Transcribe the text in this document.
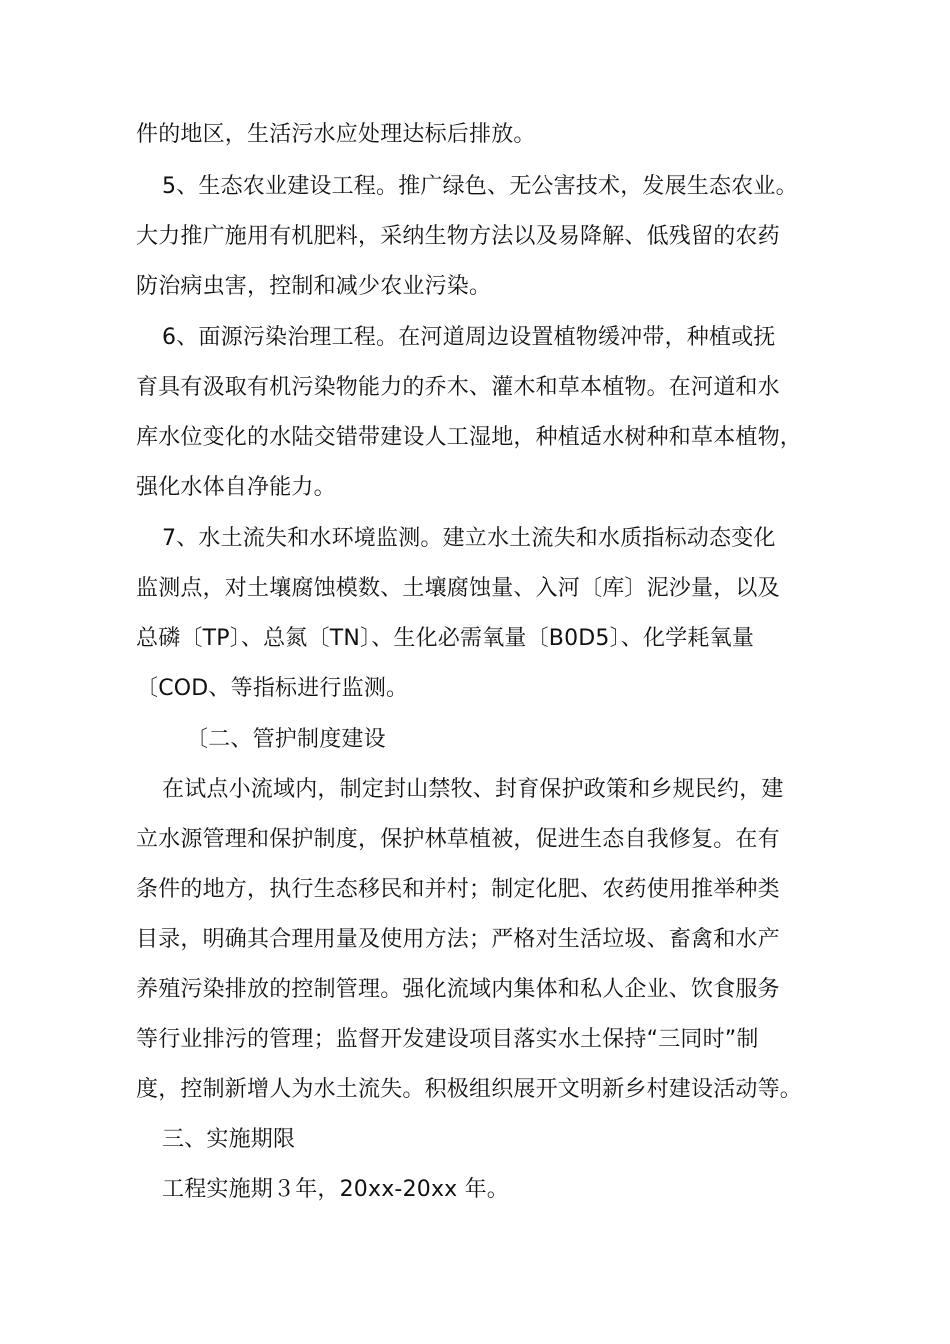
件的地区，生活污水应处理达标后排放。
5、生态农业建设工程。推广绿色、无公害技术，发展生态农业。
大力推广施用有机肥料，采纳生物方法以及易降解、低残留的农药
防治病虫害，控制和减少农业污染。
6、面源污染治理工程。在河道周边设置植物缓冲带，种植或抚
育具有汲取有机污染物能力的乔木、灌木和草本植物。在河道和水
库水位变化的水陆交错带建设人工湿地，种植适水树种和草本植物，
强化水体自净能力。
7、水土流失和水环境监测。建立水土流失和水质指标动态变化
监测点，对土壤腐蚀模数、土壤腐蚀量、入河〔库〕泥沙量，以及
总磷〔TP〕、总氮〔TN〕、生化必需氧量〔B0D5〕、化学耗氧量
〔COD、等指标进行监测。
〔二、管护制度建设
在试点小流域内，制定封山禁牧、封育保护政策和乡规民约，建
立水源管理和保护制度，保护林草植被，促进生态自我修复。在有
条件的地方，执行生态移民和并村；制定化肥、农药使用推举种类
目录，明确其合理用量及使用方法；严格对生活垃圾、畜禽和水产
养殖污染排放的控制管理。强化流域内集体和私人企业、饮食服务
等行业排污的管理；监督开发建设项目落实水土保持“三同时”制
度，控制新增人为水土流失。积极组织展开文明新乡村建设活动等。
三、实施期限
工程实施期３年，20xx-20xx 年。
